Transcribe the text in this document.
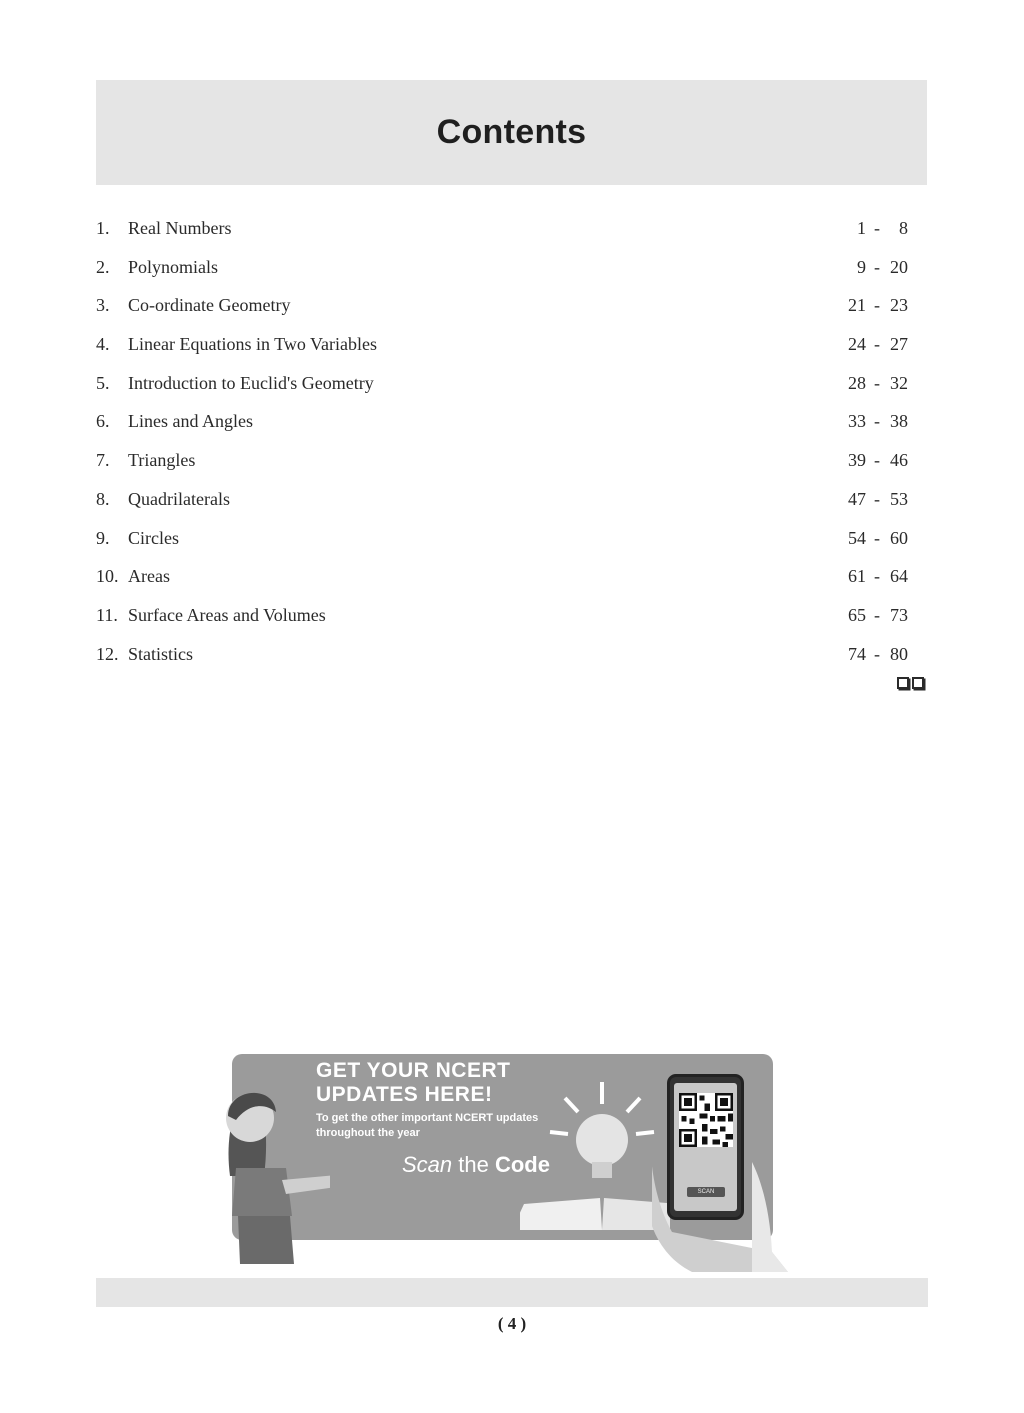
Contents
1. Real Numbers	1 -	8
2. Polynomials	9 - 20
3. Co-ordinate Geometry	21 - 23
4. Linear Equations in Two Variables	24 - 27
5. Introduction to Euclid's Geometry	28 - 32
6. Lines and Angles	33 - 38
7. Triangles	39 - 46
8. Quadrilaterals	47 - 53
9. Circles	54 - 60
10. Areas	61 - 64
11. Surface Areas and Volumes	65 - 73
12. Statistics	74 - 80
GET YOUR NCERT UPDATES HERE!
To get the other important NCERT updates throughout the year
Scan the Code
SCAN
( 4 )
